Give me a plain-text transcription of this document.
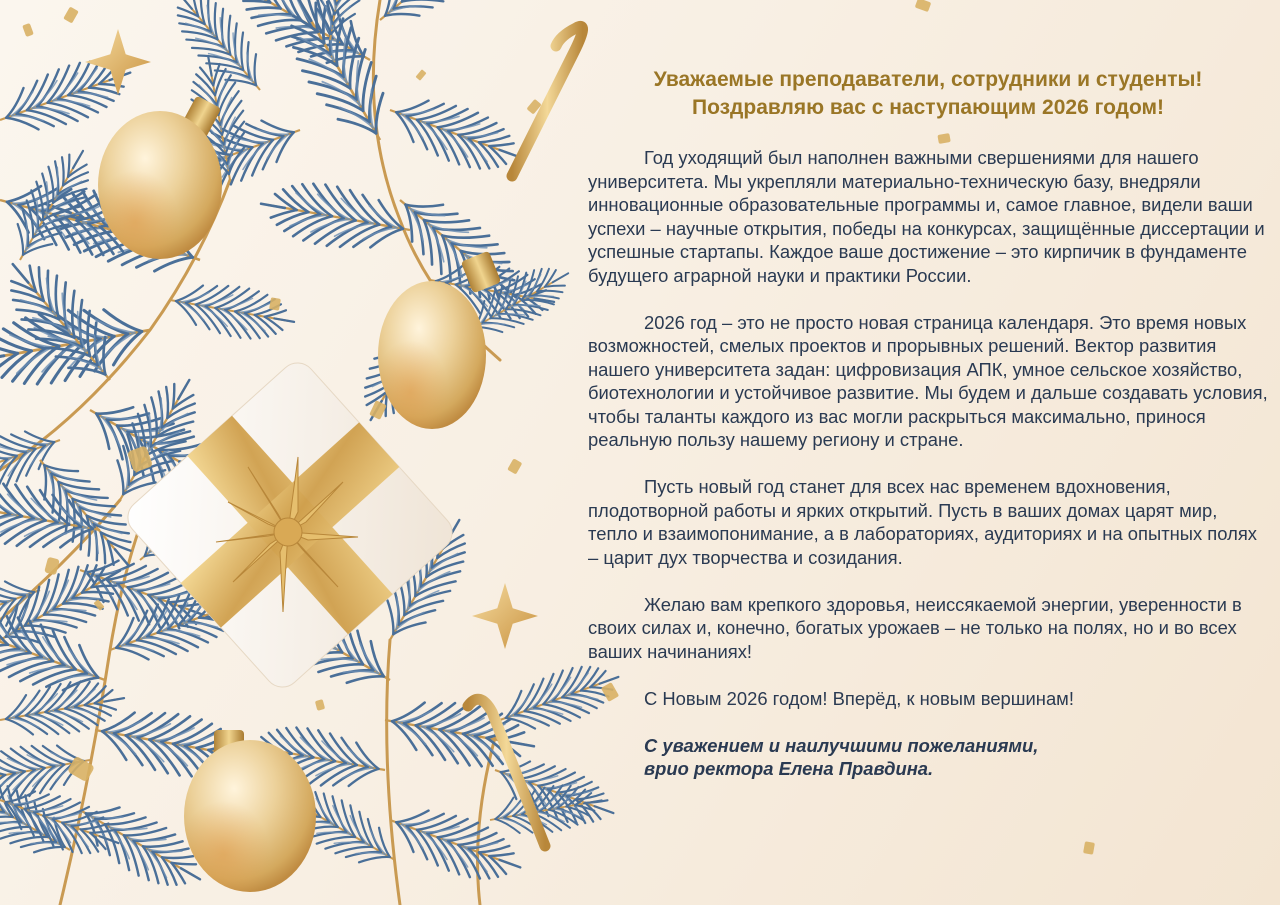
Уважаемые преподаватели, сотрудники и студенты!
Поздравляю вас с наступающим 2026 годом!

Год уходящий был наполнен важными свершениями для нашего университета. Мы укрепляли материально-техническую базу, внедряли инновационные образовательные программы и, самое главное, видели ваши успехи – научные открытия, победы на конкурсах, защищённые диссертации и успешные стартапы. Каждое ваше достижение – это кирпичик в фундаменте будущего аграрной науки и практики России.

2026 год – это не просто новая страница календаря. Это время новых возможностей, смелых проектов и прорывных решений. Вектор развития нашего университета задан: цифровизация АПК, умное сельское хозяйство, биотехнологии и устойчивое развитие. Мы будем и дальше создавать условия, чтобы таланты каждого из вас могли раскрыться максимально, принося реальную пользу нашему региону и стране.

Пусть новый год станет для всех нас временем вдохновения, плодотворной работы и ярких открытий. Пусть в ваших домах царят мир, тепло и взаимопонимание, а в лабораториях, аудиториях и на опытных полях – царит дух творчества и созидания.

Желаю вам крепкого здоровья, неиссякаемой энергии, уверенности в своих силах и, конечно, богатых урожаев – не только на полях, но и во всех ваших начинаниях!

С Новым 2026 годом! Вперёд, к новым вершинам!

С уважением и наилучшими пожеланиями,
врио ректора Елена Правдина.
